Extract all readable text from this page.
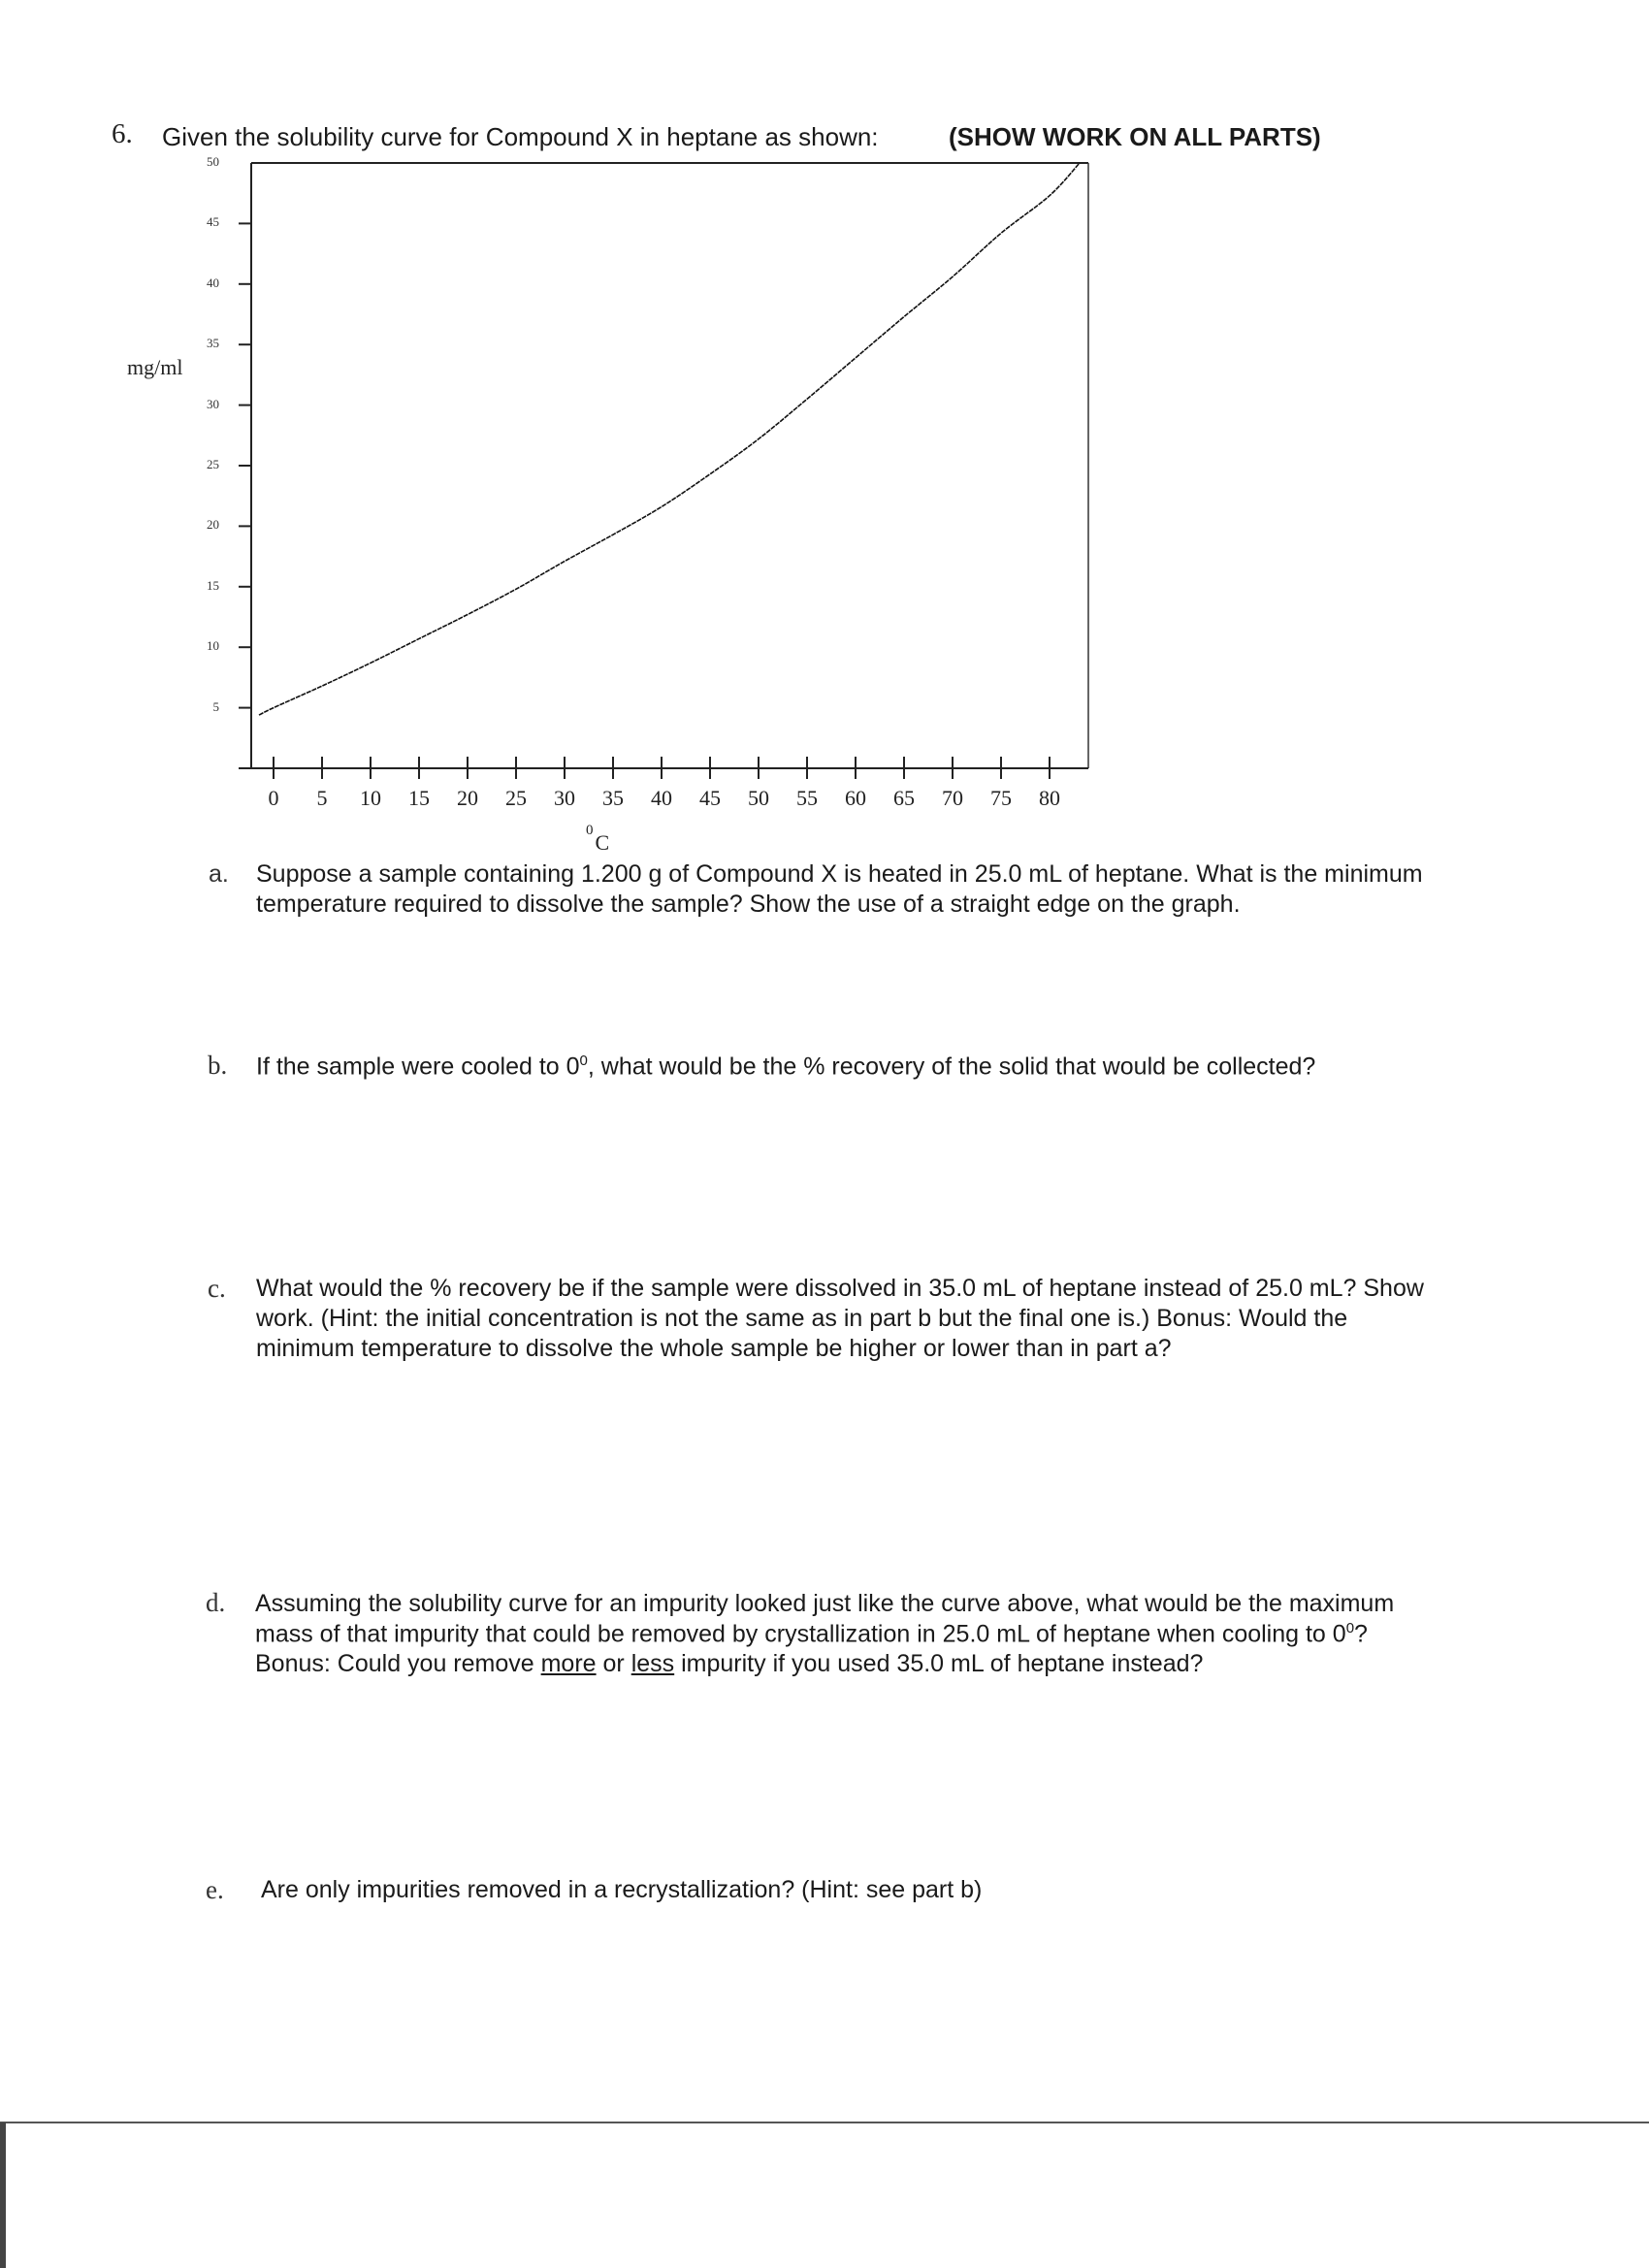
6. Given the solubility curve for Compound X in heptane as shown:	(SHOW WORK ON ALL PARTS)
5
10
15
20
25
30
35
40
45
50
0	5	10	15	20	25	30	35	40	45	50	55	60	65	70	75	80
mg/ml
$^0$C
a. Suppose a sample containing 1.200 g of Compound X is heated in 25.0 mL of heptane. What is the minimum
temperature required to dissolve the sample? Show the use of a straight edge on the graph.
b. If the sample were cooled to $0^0$, what would be the % recovery of the solid that would be collected?
c. What would the % recovery be if the sample were dissolved in 35.0 mL of heptane instead of 25.0 mL? Show
work. (Hint: the initial concentration is not the same as in part b but the final one is.) Bonus: Would the
minimum temperature to dissolve the whole sample be higher or lower than in part a?
d. Assuming the solubility curve for an impurity looked just like the curve above, what would be the maximum
mass of that impurity that could be removed by crystallization in 25.0 mL of heptane when cooling to $0^0$?
Bonus: Could you remove more or less impurity if you used 35.0 mL of heptane instead?
e. Are only impurities removed in a recrystallization? (Hint: see part b)
